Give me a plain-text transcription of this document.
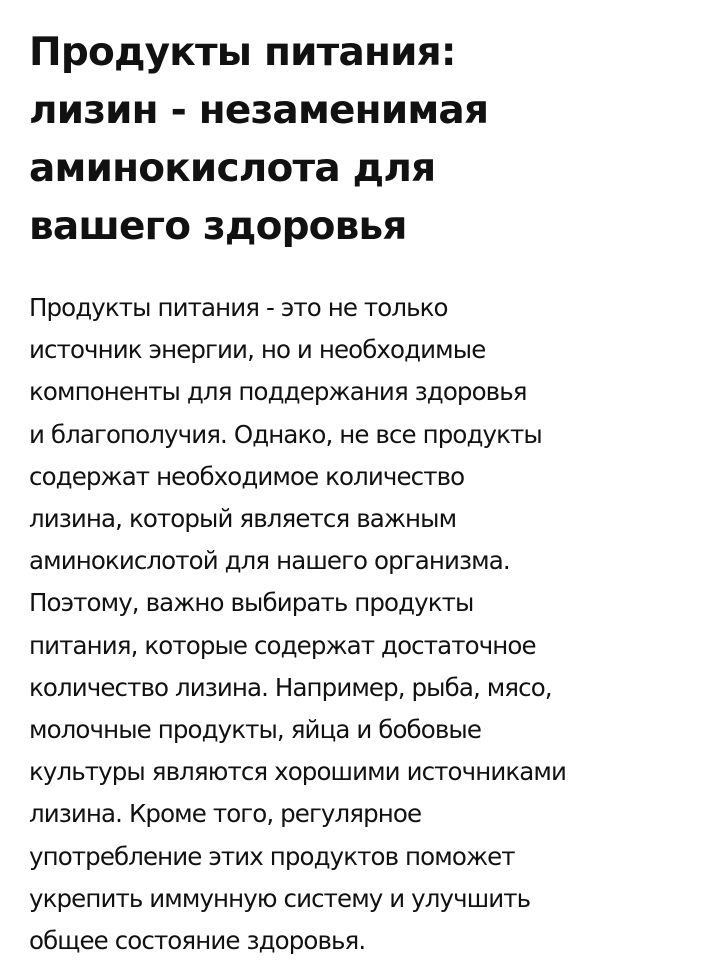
Продукты питания:
лизин - незаменимая
аминокислота для
вашего здоровья

Продукты питания - это не только
источник энергии, но и необходимые
компоненты для поддержания здоровья
и благополучия. Однако, не все продукты
содержат необходимое количество
лизина, который является важным
аминокислотой для нашего организма.
Поэтому, важно выбирать продукты
питания, которые содержат достаточное
количество лизина. Например, рыба, мясо,
молочные продукты, яйца и бобовые
культуры являются хорошими источниками
лизина. Кроме того, регулярное
употребление этих продуктов поможет
укрепить иммунную систему и улучшить
общее состояние здоровья.
